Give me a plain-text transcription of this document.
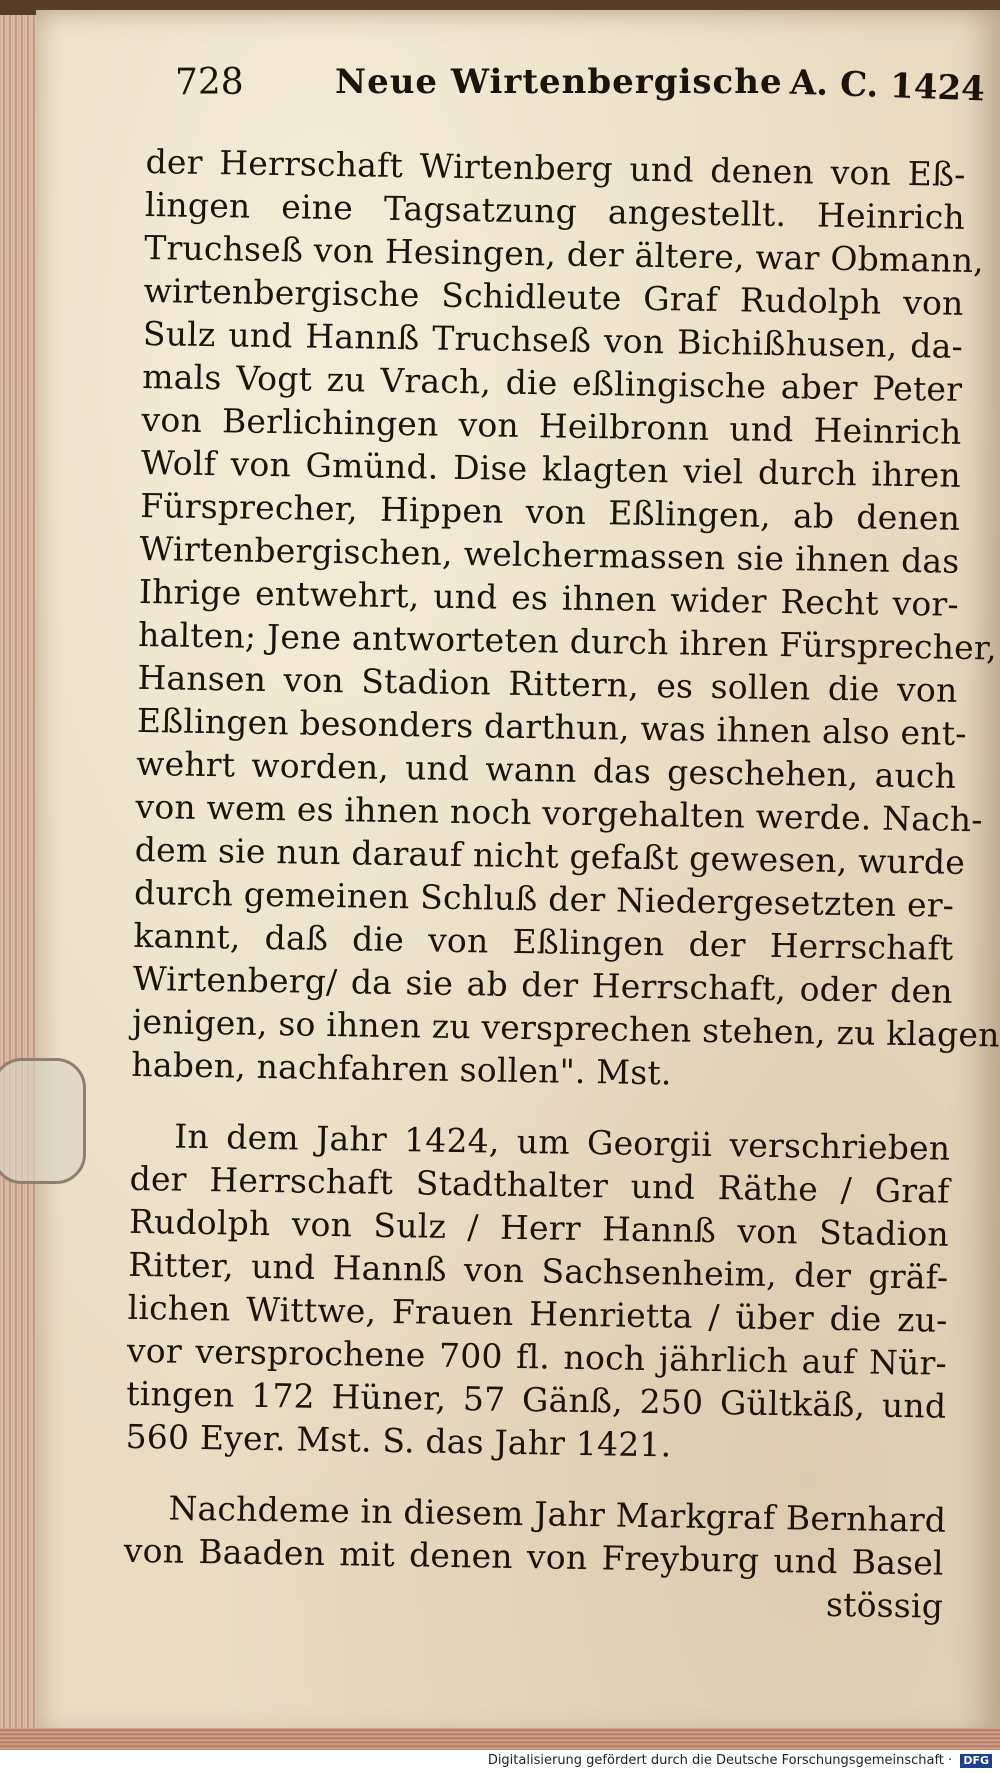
728	Neue Wirtenbergische A. C. 1424
der Herrschaft Wirtenberg und denen von Eß-
lingen eine Tagsatzung angestellt. Heinrich
Truchseß von Hesingen, der ältere, war Obmann,
wirtenbergische Schidleute Graf Rudolph von
Sulz und Hannß Truchseß von Bichißhusen, da-
mals Vogt zu Vrach, die eßlingische aber Peter
von Berlichingen von Heilbronn und Heinrich
Wolf von Gmünd. Dise klagten viel durch ihren
Fürsprecher, Hippen von Eßlingen, ab denen
Wirtenbergischen, welchermassen sie ihnen das
Ihrige entwehrt, und es ihnen wider Recht vor-
halten; Jene antworteten durch ihren Fürsprecher,
Hansen von Stadion Rittern, es sollen die von
Eßlingen besonders darthun, was ihnen also ent-
wehrt worden, und wann das geschehen, auch
von wem es ihnen noch vorgehalten werde. Nach-
dem sie nun darauf nicht gefaßt gewesen, wurde
durch gemeinen Schluß der Niedergesetzten er-
kannt, daß die von Eßlingen der Herrschaft
Wirtenberg/ da sie ab der Herrschaft, oder den
jenigen, so ihnen zu versprechen stehen, zu klagen
haben, nachfahren sollen". Mst.
In dem Jahr 1424, um Georgii verschrieben
der Herrschaft Stadthalter und Räthe / Graf
Rudolph von Sulz / Herr Hannß von Stadion
Ritter, und Hannß von Sachsenheim, der gräf-
lichen Wittwe, Frauen Henrietta / über die zu-
vor versprochene 700 fl. noch jährlich auf Nür-
tingen 172 Hüner, 57 Gänß, 250 Gültkäß, und
560 Eyer. Mst. S. das Jahr 1421.
Nachdeme in diesem Jahr Markgraf Bernhard
von Baaden mit denen von Freyburg und Basel
stössig
Digitalisierung gefördert durch die Deutsche Forschungsgemeinschaft · DFG
